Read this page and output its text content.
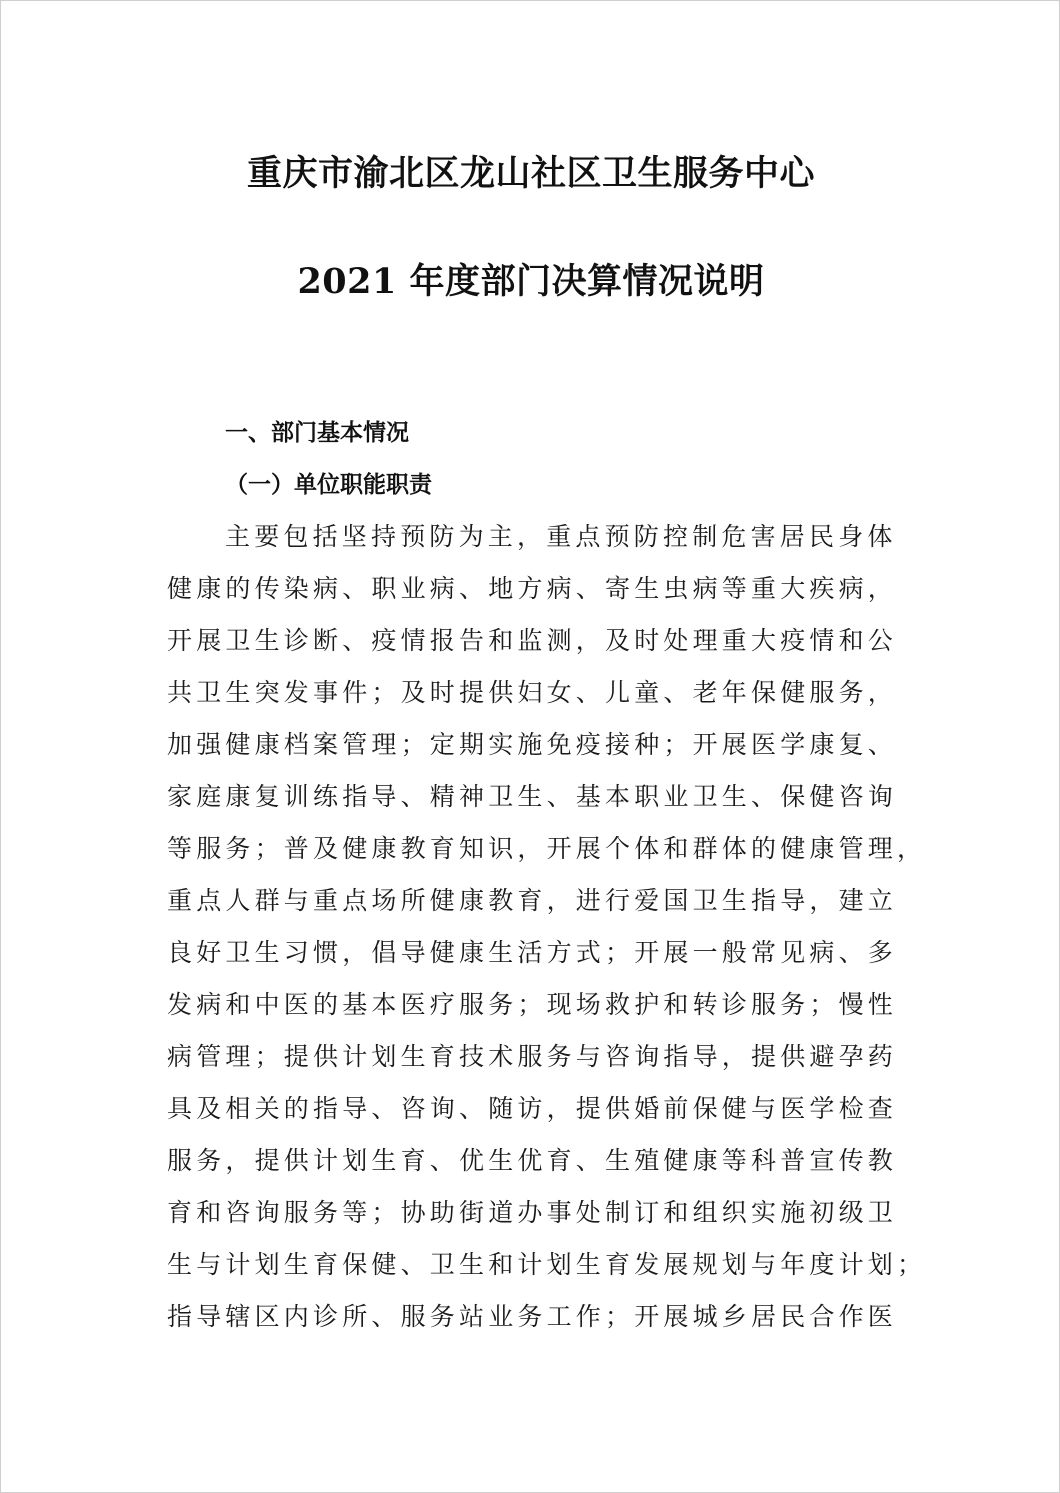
重庆市渝北区龙山社区卫生服务中心
2021 年度部门决算情况说明
一、部门基本情况
（一）单位职能职责
主要包括坚持预防为主，重点预防控制危害居民身体
健康的传染病、职业病、地方病、寄生虫病等重大疾病，
开展卫生诊断、疫情报告和监测，及时处理重大疫情和公
共卫生突发事件；及时提供妇女、儿童、老年保健服务，
加强健康档案管理；定期实施免疫接种；开展医学康复、
家庭康复训练指导、精神卫生、基本职业卫生、保健咨询
等服务；普及健康教育知识，开展个体和群体的健康管理，
重点人群与重点场所健康教育，进行爱国卫生指导，建立
良好卫生习惯，倡导健康生活方式；开展一般常见病、多
发病和中医的基本医疗服务；现场救护和转诊服务；慢性
病管理；提供计划生育技术服务与咨询指导，提供避孕药
具及相关的指导、咨询、随访，提供婚前保健与医学检查
服务，提供计划生育、优生优育、生殖健康等科普宣传教
育和咨询服务等；协助街道办事处制订和组织实施初级卫
生与计划生育保健、卫生和计划生育发展规划与年度计划；
指导辖区内诊所、服务站业务工作；开展城乡居民合作医
